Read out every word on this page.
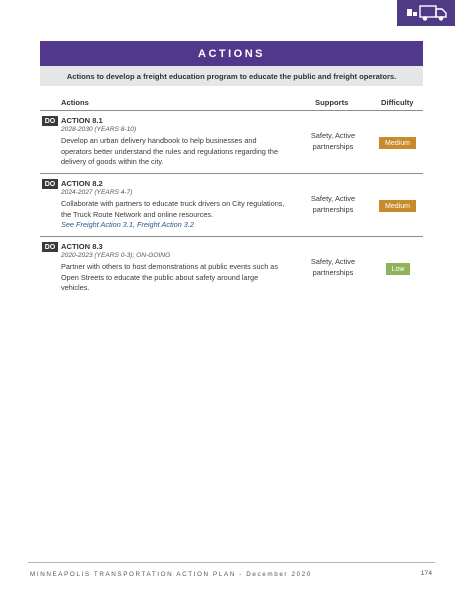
ACTIONS
Actions to develop a freight education program to educate the public and freight operators.
Actions	Supports	Difficulty
DO ACTION 8.1
2028-2030 (YEARS 8-10)
Develop an urban delivery handbook to help businesses and operators better understand the rules and regulations regarding the delivery of goods within the city.
Safety, Active partnerships	Medium
DO ACTION 8.2
2024-2027 (YEARS 4-7)
Collaborate with partners to educate truck drivers on City regulations, the Truck Route Network and online resources.
See Freight Action 3.1, Freight Action 3.2
Safety, Active partnerships	Medium
DO ACTION 8.3
2020-2023 (YEARS 0-3); ON-GOING
Partner with others to host demonstrations at public events such as Open Streets to educate the public about safety around large vehicles.
Safety, Active partnerships	Low
MINNEAPOLIS TRANSPORTATION ACTION PLAN - December 2020	174
